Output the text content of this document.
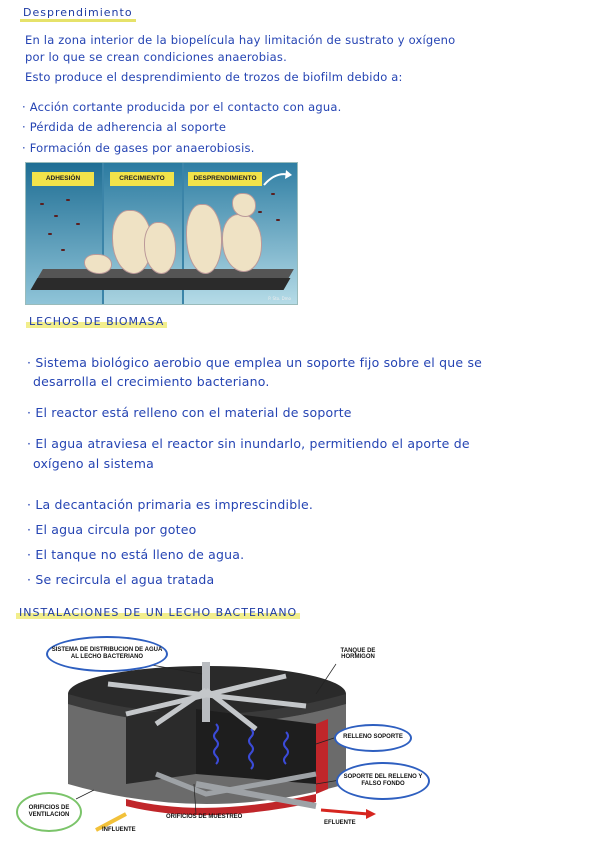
Desprendimiento
En la zona interior de la biopelícula hay limitación de sustrato y oxígeno
por lo que se crean condiciones anaerobias.
Esto produce el desprendimiento de trozos de biofilm debido a:
· Acción cortante producida por el contacto con agua.
· Pérdida de adherencia al soporte
· Formación de gases por anaerobiosis.
ADHESIÓN	CRECIMIENTO	DESPRENDIMIENTO
P. Sto. Dmo
LECHOS DE BIOMASA
· Sistema biológico aerobio que emplea un soporte fijo sobre el que se
desarrolla el crecimiento bacteriano.
· El reactor está relleno con el material de soporte
· El agua atraviesa el reactor sin inundarlo, permitiendo el aporte de
oxígeno al sistema
· La decantación primaria es imprescindible.
· El agua circula por goteo
· El tanque no está lleno de agua.
· Se recircula el agua tratada
INSTALACIONES DE UN LECHO BACTERIANO
SISTEMA DE DISTRIBUCION DE AGUA AL LECHO BACTERIANO
TANQUE DE HORMIGON
RELLENO SOPORTE
SOPORTE DEL RELLENO Y FALSO FONDO
ORIFICIOS DE VENTILACION	ORIFICIOS DE MUESTREO
INFLUENTE
EFLUENTE
